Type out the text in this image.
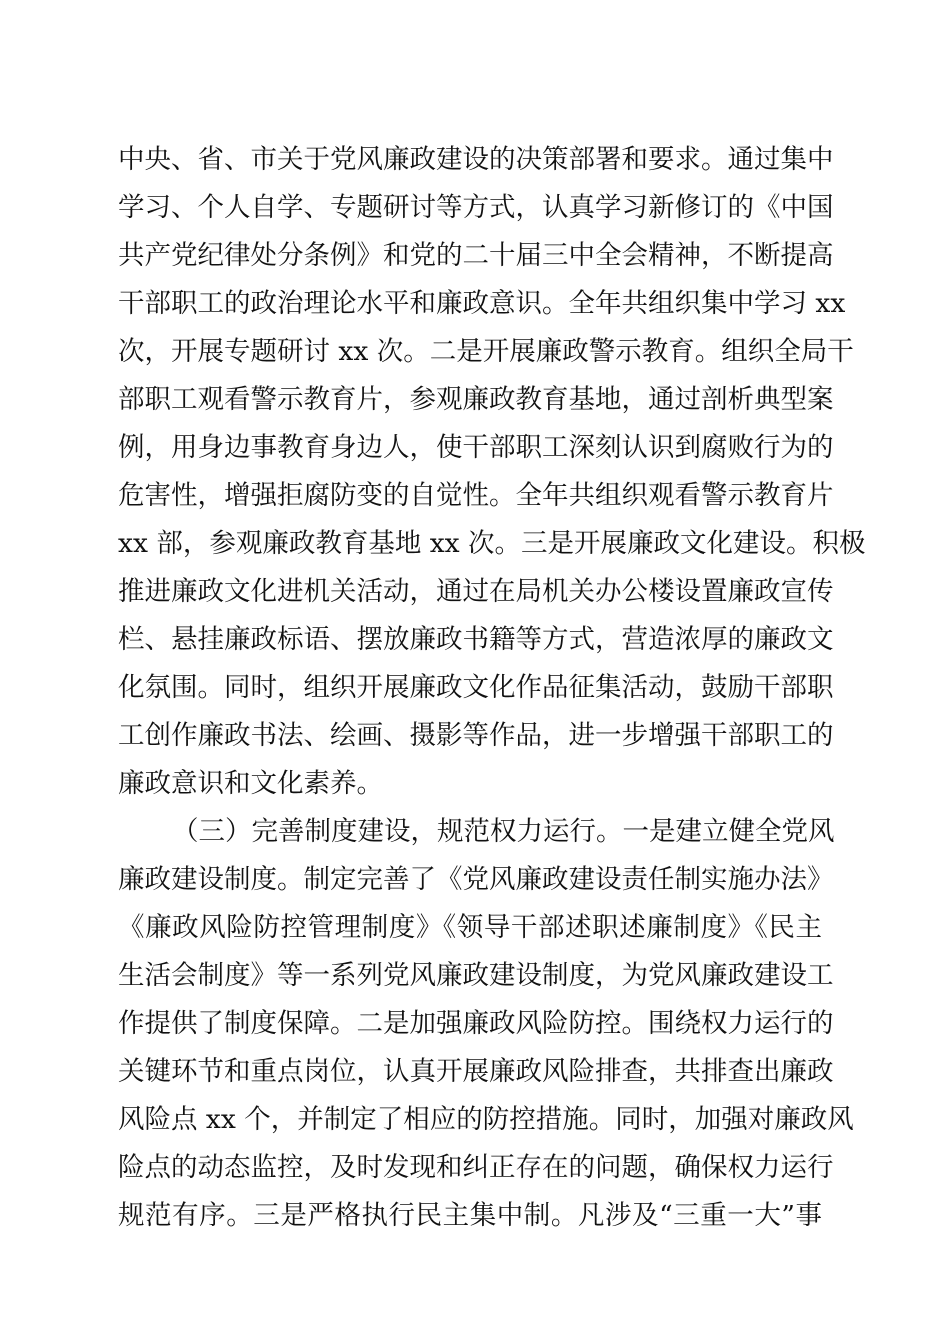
中央、省、市关于党风廉政建设的决策部署和要求。通过集中
学习、个人自学、专题研讨等方式，认真学习新修订的《中国
共产党纪律处分条例》和党的二十届三中全会精神，不断提高
干部职工的政治理论水平和廉政意识。全年共组织集中学习 xx
次，开展专题研讨 xx 次。二是开展廉政警示教育。组织全局干
部职工观看警示教育片，参观廉政教育基地，通过剖析典型案
例，用身边事教育身边人，使干部职工深刻认识到腐败行为的
危害性，增强拒腐防变的自觉性。全年共组织观看警示教育片
xx 部，参观廉政教育基地 xx 次。三是开展廉政文化建设。积极
推进廉政文化进机关活动，通过在局机关办公楼设置廉政宣传
栏、悬挂廉政标语、摆放廉政书籍等方式，营造浓厚的廉政文
化氛围。同时，组织开展廉政文化作品征集活动，鼓励干部职
工创作廉政书法、绘画、摄影等作品，进一步增强干部职工的
廉政意识和文化素养。
（三）完善制度建设，规范权力运行。一是建立健全党风
廉政建设制度。制定完善了《党风廉政建设责任制实施办法》
《廉政风险防控管理制度》《领导干部述职述廉制度》《民主
生活会制度》等一系列党风廉政建设制度，为党风廉政建设工
作提供了制度保障。二是加强廉政风险防控。围绕权力运行的
关键环节和重点岗位，认真开展廉政风险排查，共排查出廉政
风险点 xx 个，并制定了相应的防控措施。同时，加强对廉政风
险点的动态监控，及时发现和纠正存在的问题，确保权力运行
规范有序。三是严格执行民主集中制。凡涉及“三重一大”事
